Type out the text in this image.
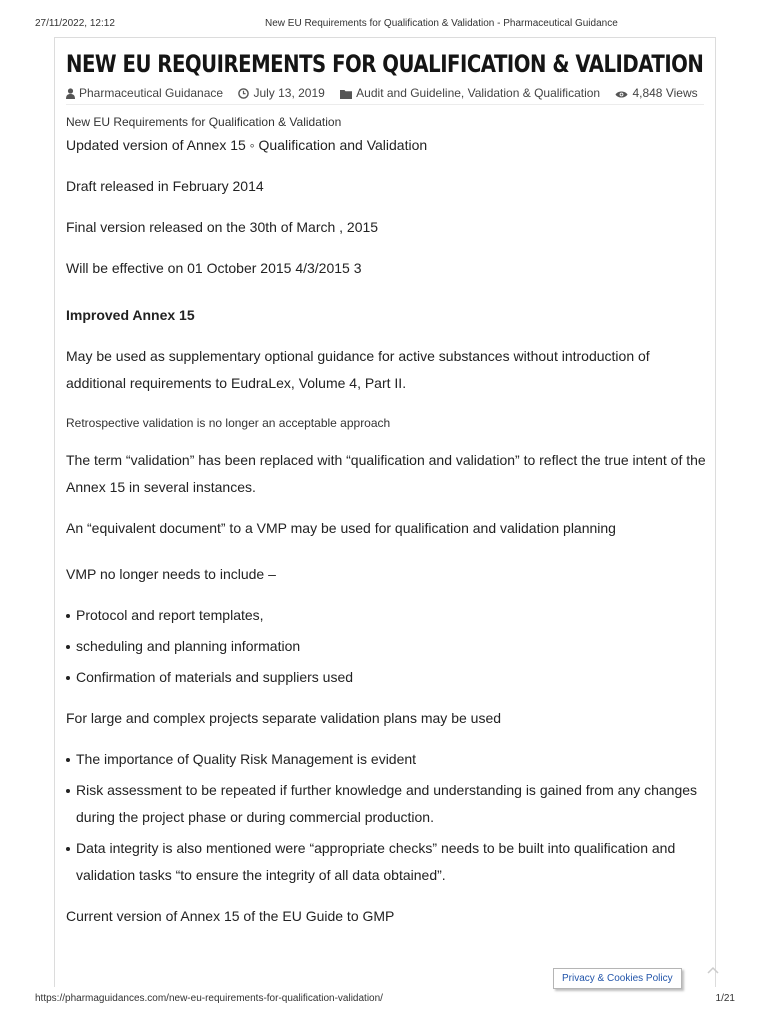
27/11/2022, 12:12	New EU Requirements for Qualification & Validation - Pharmaceutical Guidance
NEW EU REQUIREMENTS FOR QUALIFICATION & VALIDATION
Pharmaceutical Guidanace	July 13, 2019	Audit and Guideline, Validation & Qualification	4,848 Views
New EU Requirements for Qualification & Validation

Updated version of Annex 15 ◦ Qualification and Validation

Draft released in February 2014

Final version released on the 30th of March , 2015

Will be effective on 01 October 2015 4/3/2015 3

Improved Annex 15

May be used as supplementary optional guidance for active substances without introduction of additional requirements to EudraLex, Volume 4, Part II.

Retrospective validation is no longer an acceptable approach

The term “validation” has been replaced with “qualification and validation” to reflect the true intent of the Annex 15 in several instances.

An “equivalent document” to a VMP may be used for qualification and validation planning

VMP no longer needs to include –

Protocol and report templates,
scheduling and planning information
Confirmation of materials and suppliers used

For large and complex projects separate validation plans may be used

The importance of Quality Risk Management is evident
Risk assessment to be repeated if further knowledge and understanding is gained from any changes during the project phase or during commercial production.
Data integrity is also mentioned were “appropriate checks” needs to be built into qualification and validation tasks “to ensure the integrity of all data obtained”.

Current version of Annex 15 of the EU Guide to GMP

Privacy & Cookies Policy
https://pharmaguidances.com/new-eu-requirements-for-qualification-validation/	1/21
